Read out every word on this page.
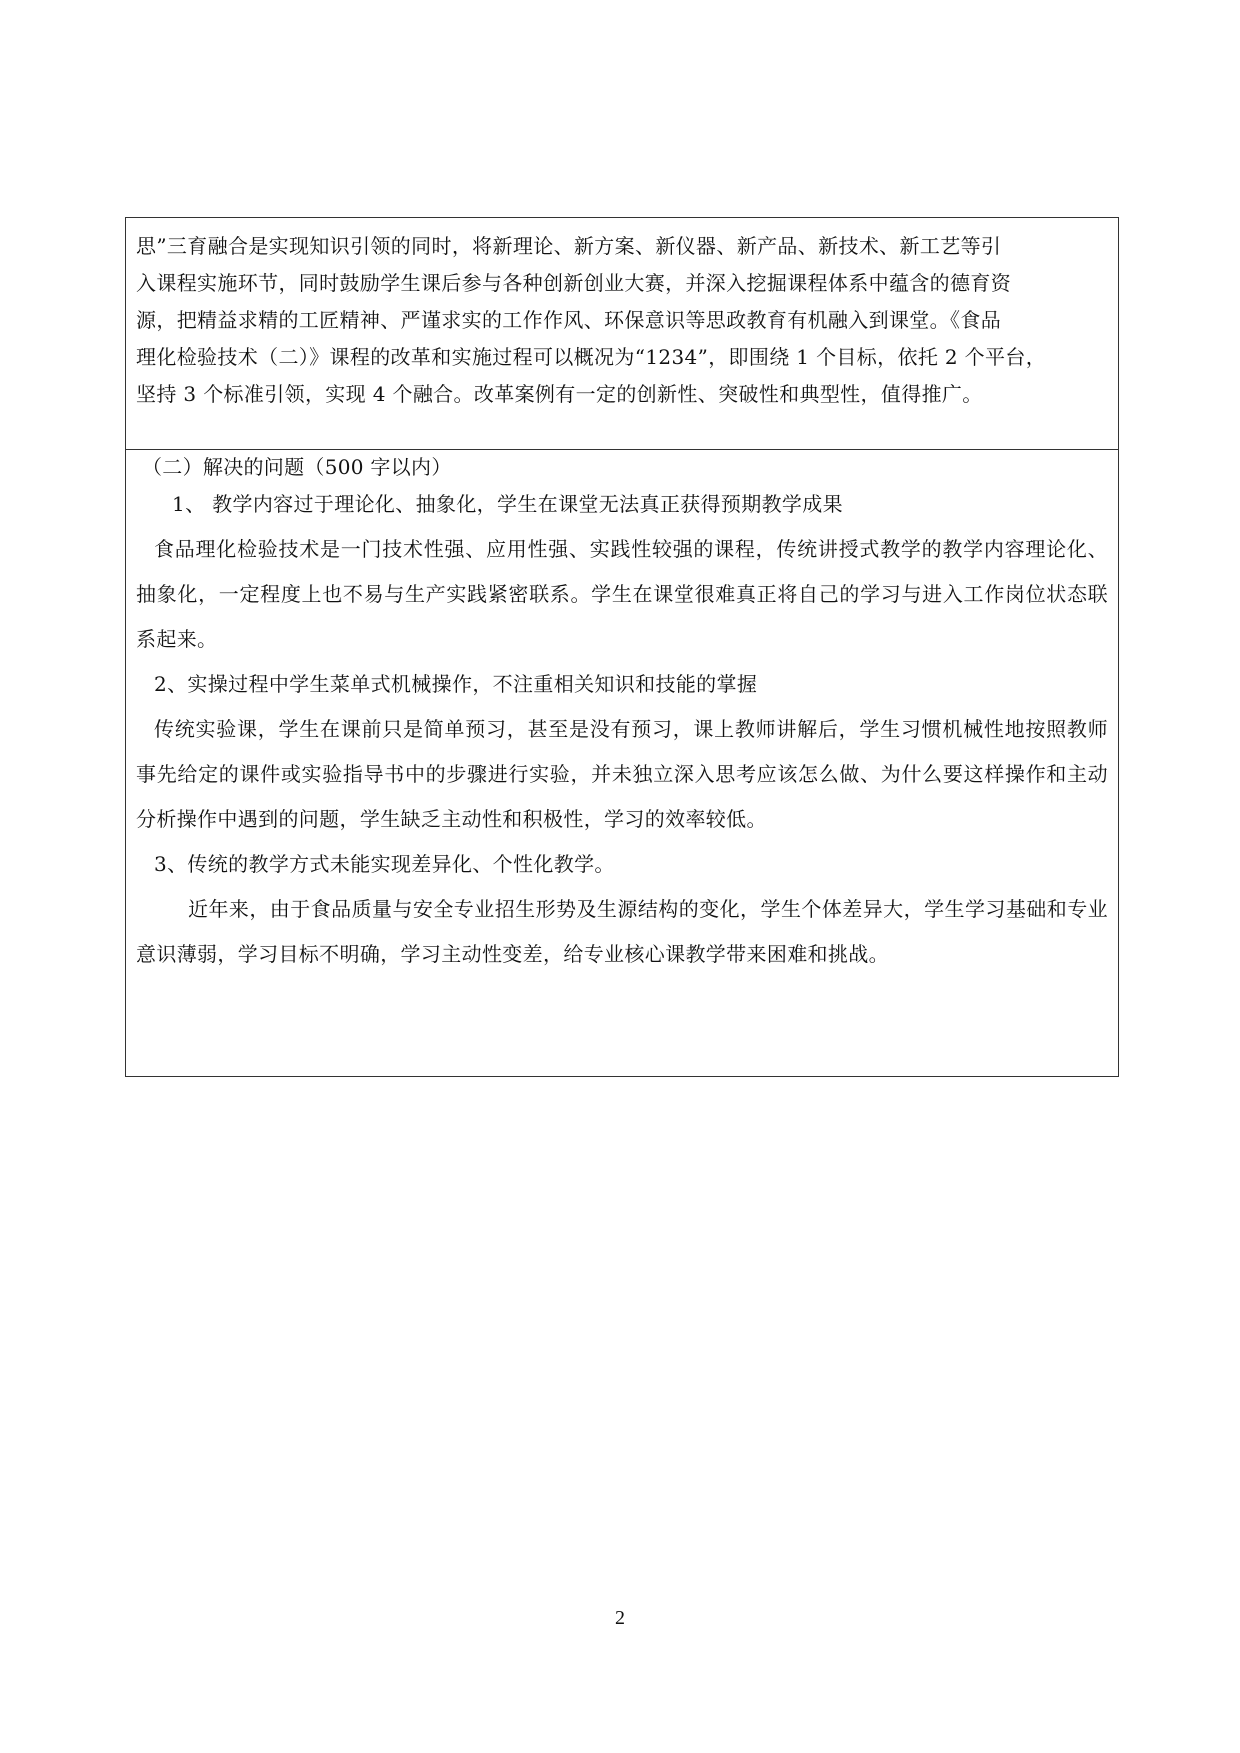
思”三育融合是实现知识引领的同时，将新理论、新方案、新仪器、新产品、新技术、新工艺等引
入课程实施环节，同时鼓励学生课后参与各种创新创业大赛，并深入挖掘课程体系中蕴含的德育资
源，把精益求精的工匠精神、严谨求实的工作作风、环保意识等思政教育有机融入到课堂。《食品
理化检验技术（二）》课程的改革和实施过程可以概况为“1234”，即围绕 1 个目标，依托 2 个平台，
坚持 3 个标准引领，实现 4 个融合。改革案例有一定的创新性、突破性和典型性，值得推广。
（二）解决的问题（500 字以内）

1、 教学内容过于理论化、抽象化，学生在课堂无法真正获得预期教学成果

食品理化检验技术是一门技术性强、应用性强、实践性较强的课程，传统讲授式教学的教学内容理论化、抽象化，一定程度上也不易与生产实践紧密联系。学生在课堂很难真正将自己的学习与进入工作岗位状态联系起来。

2、实操过程中学生菜单式机械操作，不注重相关知识和技能的掌握

传统实验课，学生在课前只是简单预习，甚至是没有预习，课上教师讲解后，学生习惯机械性地按照教师事先给定的课件或实验指导书中的步骤进行实验，并未独立深入思考应该怎么做、为什么要这样操作和主动分析操作中遇到的问题，学生缺乏主动性和积极性，学习的效率较低。

3、传统的教学方式未能实现差异化、个性化教学。

近年来，由于食品质量与安全专业招生形势及生源结构的变化，学生个体差异大，学生学习基础和专业意识薄弱，学习目标不明确，学习主动性变差，给专业核心课教学带来困难和挑战。

2
